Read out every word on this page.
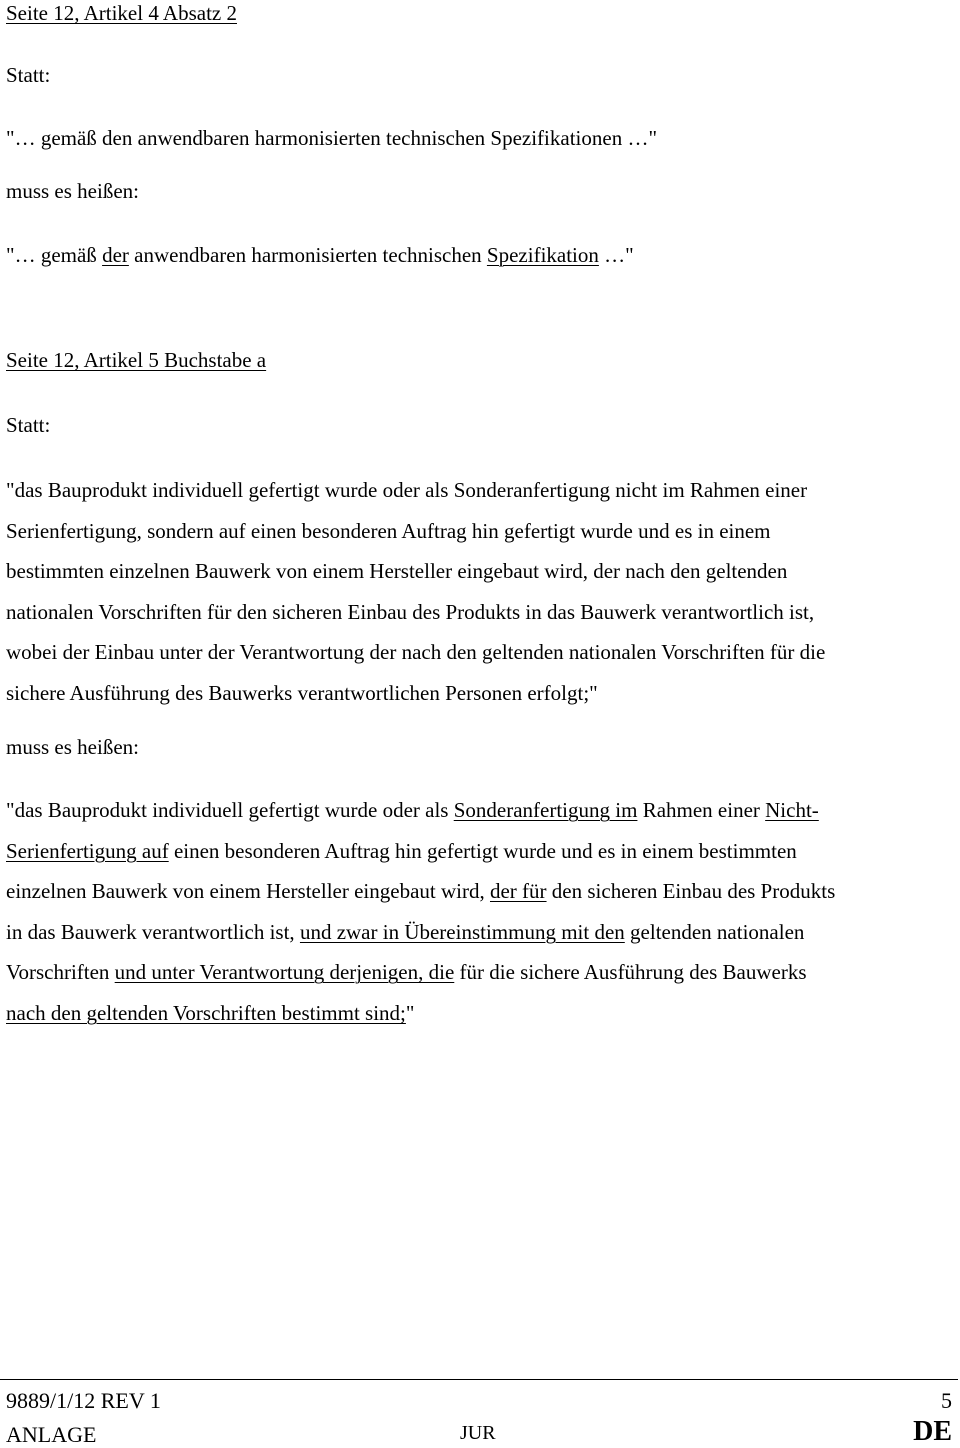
Seite 12, Artikel 4 Absatz 2
Statt:
"… gemäß den anwendbaren harmonisierten technischen Spezifikationen …"
muss es heißen:
"… gemäß der anwendbaren harmonisierten technischen Spezifikation …"
Seite 12, Artikel 5 Buchstabe a
Statt:
"das Bauprodukt individuell gefertigt wurde oder als Sonderanfertigung nicht im Rahmen einer
Serienfertigung, sondern auf einen besonderen Auftrag hin gefertigt wurde und es in einem
bestimmten einzelnen Bauwerk von einem Hersteller eingebaut wird, der nach den geltenden
nationalen Vorschriften für den sicheren Einbau des Produkts in das Bauwerk verantwortlich ist,
wobei der Einbau unter der Verantwortung der nach den geltenden nationalen Vorschriften für die
sichere Ausführung des Bauwerks verantwortlichen Personen erfolgt;"
muss es heißen:
"das Bauprodukt individuell gefertigt wurde oder als Sonderanfertigung im Rahmen einer Nicht-
Serienfertigung auf einen besonderen Auftrag hin gefertigt wurde und es in einem bestimmten
einzelnen Bauwerk von einem Hersteller eingebaut wird, der für den sicheren Einbau des Produkts
in das Bauwerk verantwortlich ist, und zwar in Übereinstimmung mit den geltenden nationalen
Vorschriften und unter Verantwortung derjenigen, die für die sichere Ausführung des Bauwerks
nach den geltenden Vorschriften bestimmt sind;"
9889/1/12 REV 1	5
ANLAGE	JUR	DE
